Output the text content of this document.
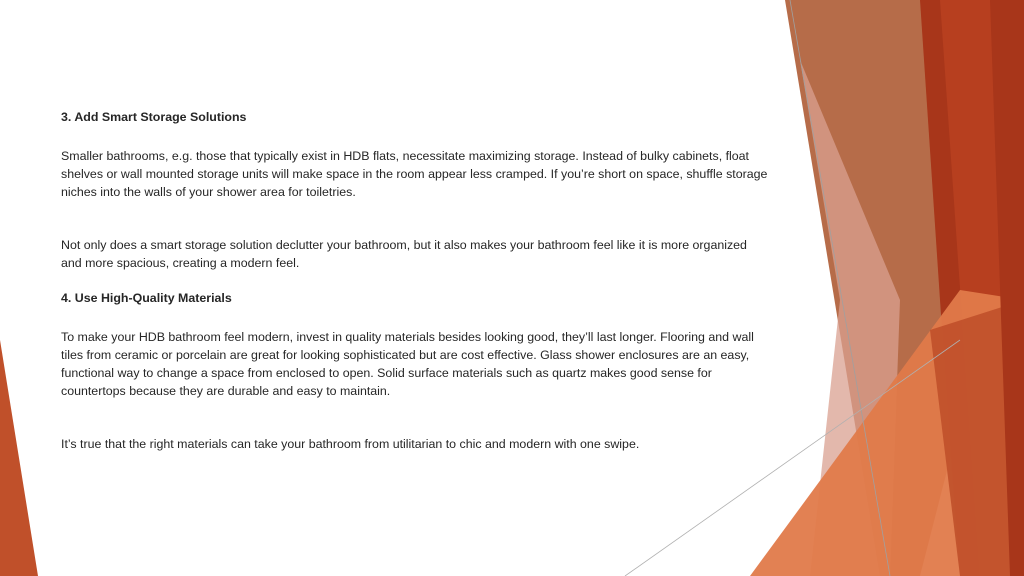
3. Add Smart Storage Solutions

Smaller bathrooms, e.g. those that typically exist in HDB flats, necessitate maximizing storage. Instead of bulky cabinets, float shelves or wall mounted storage units will make space in the room appear less cramped. If you’re short on space, shuffle storage niches into the walls of your shower area for toiletries.

Not only does a smart storage solution declutter your bathroom, but it also makes your bathroom feel like it is more organized and more spacious, creating a modern feel.

4. Use High-Quality Materials

To make your HDB bathroom feel modern, invest in quality materials besides looking good, they’ll last longer. Flooring and wall tiles from ceramic or porcelain are great for looking sophisticated but are cost effective. Glass shower enclosures are an easy, functional way to change a space from enclosed to open. Solid surface materials such as quartz makes good sense for countertops because they are durable and easy to maintain.

It’s true that the right materials can take your bathroom from utilitarian to chic and modern with one swipe.
